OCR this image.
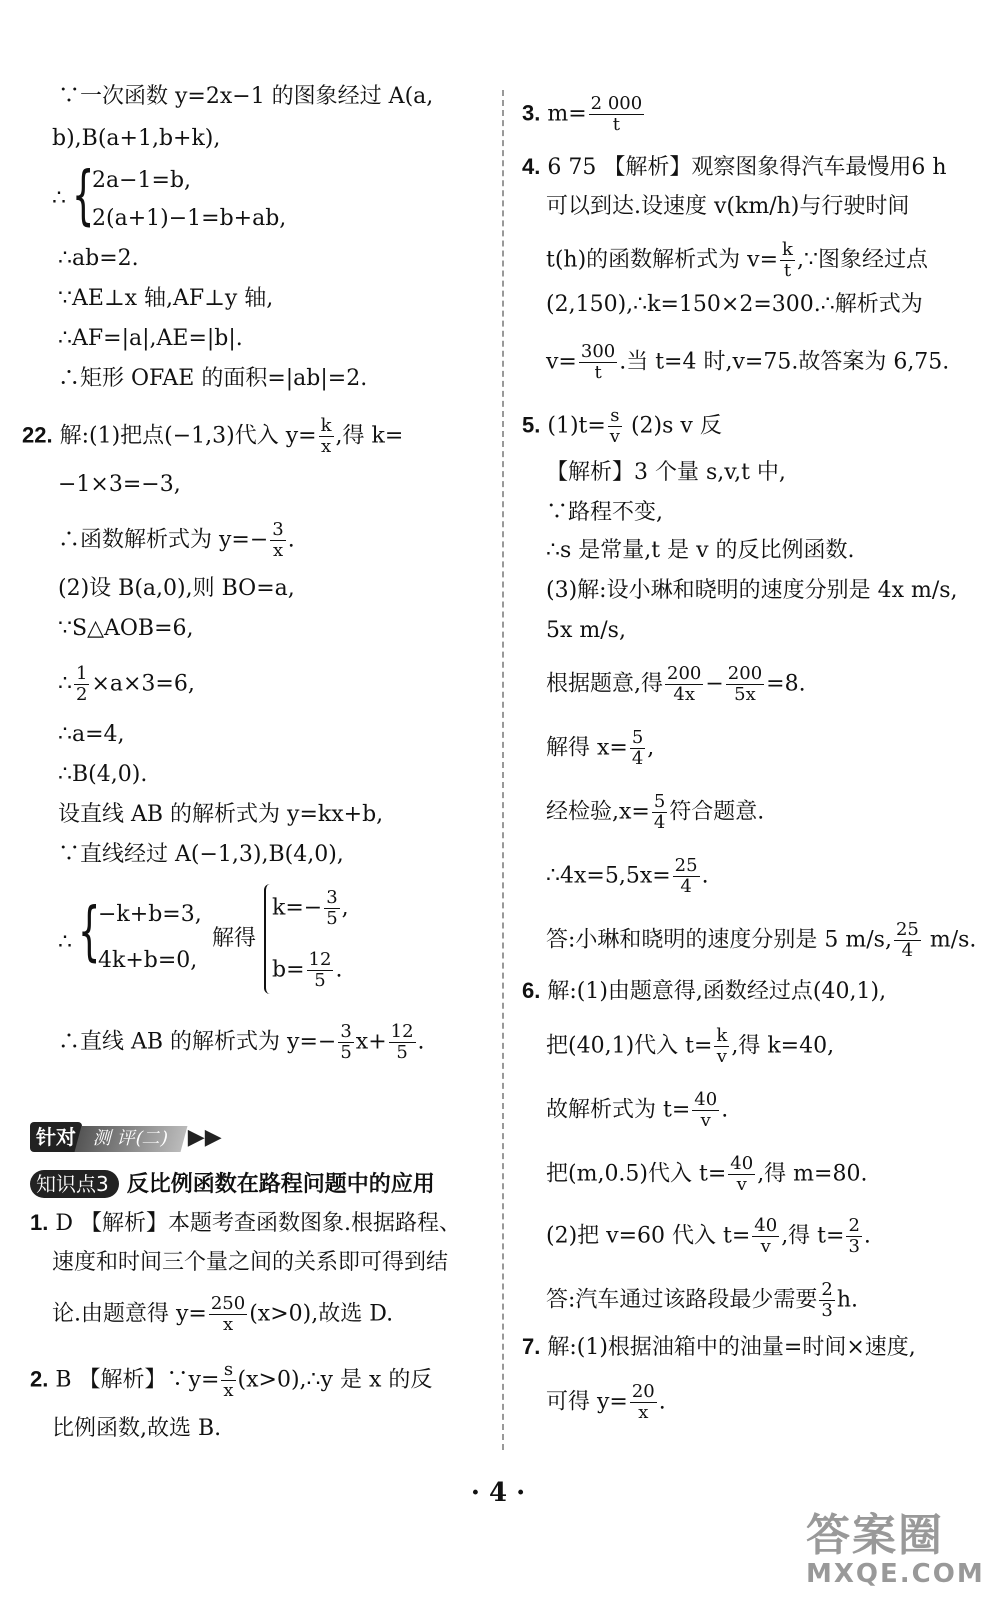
∵一次函数 y=2x−1 的图象经过 A(a,
b),B(a+1,b+k),
∴ {
2a−1=b,
2(a+1)−1=b+ab,
∴ab=2.
∵AE⊥x 轴,AF⊥y 轴,
∴AF=|a|,AE=|b|.
∴矩形 OFAE 的面积=|ab|=2.
22. 解:(1)把点(−1,3)代入 $y= \frac{k}{x}$ ,得 k=
−1×3=−3,
∴函数解析式为 $y=- \frac{3}{x}$ .
(2)设 B(a,0),则 BO=a,
∵S△AOB=6,
∴ $\frac{1}{2} \times a\times 3=6$,
∴a=4,
∴B(4,0).
设直线 AB 的解析式为 y=kx+b,
∵直线经过 A(−1,3),B(4,0),
∴ {
−k+b=3,
4k+b=0,
解得
$k=- \frac{3}{5}$ ,
$b= \frac{12}{5}$ .
∴直线 AB 的解析式为 $y=- \frac{3}{5} x+ \frac{12}{5}$ .
针对 测 评(二) ▶▶
知识点3 反比例函数在路程问题中的应用
1. D 【解析】本题考查函数图象.根据路程、
速度和时间三个量之间的关系即可得到结
论.由题意得 $y= \frac{250}{x} (x>0)$,故选 D.
2. B 【解析】∵y= $\frac{s}{x}$ (x>0),∴y 是 x 的反
比例函数,故选 B.
3. $m= \frac{2 000}{t}$
4. 6 75 【解析】观察图象得汽车最慢用6 h
可以到达.设速度 v(km/h)与行驶时间
t(h)的函数解析式为 $v= \frac{k}{t}$ ,∵图象经过点
(2,150),∴k=150×2=300.∴解析式为
$v= \frac{300}{t}$ .当 t=4 时,v=75.故答案为 6,75.
5. $(1)t= \frac{s}{v} (2)s$ v 反
【解析】3 个量 s,v,t 中,
∵路程不变,
∴s 是常量,t 是 v 的反比例函数.
(3)解:设小琳和晓明的速度分别是 4x m/s,
5x m/s,
根据题意,得 $\frac{200}{4x} - \frac{200}{5x} =8$.
解得 $x= \frac{5}{4}$ ,
经检验$,x= \frac{5}{4}$ 符合题意.
∴4x=5,5x= $\frac{25}{4}$ .
答:小琳和晓明的速度分别是 5 m/s, $\frac{25}{4} m/s$.
6. 解:(1)由题意得,函数经过点(40,1),
把(40,1)代入 $t= \frac{k}{v}$ ,得 k=40,
故解析式为 $t= \frac{40}{v}$ .
把(m,0.5)代入 $t= \frac{40}{v}$ ,得 m=80.
(2)把 v=60 代入 $t= \frac{40}{v}$ ,得 $t= \frac{2}{3}$ .
答:汽车通过该路段最少需要 $\frac{2}{3} h$.
7. 解:(1)根据油箱中的油量=时间×速度,
可得 $y= \frac{20}{x}$ .
· 4 ·
答案圈
MXQE.COM
